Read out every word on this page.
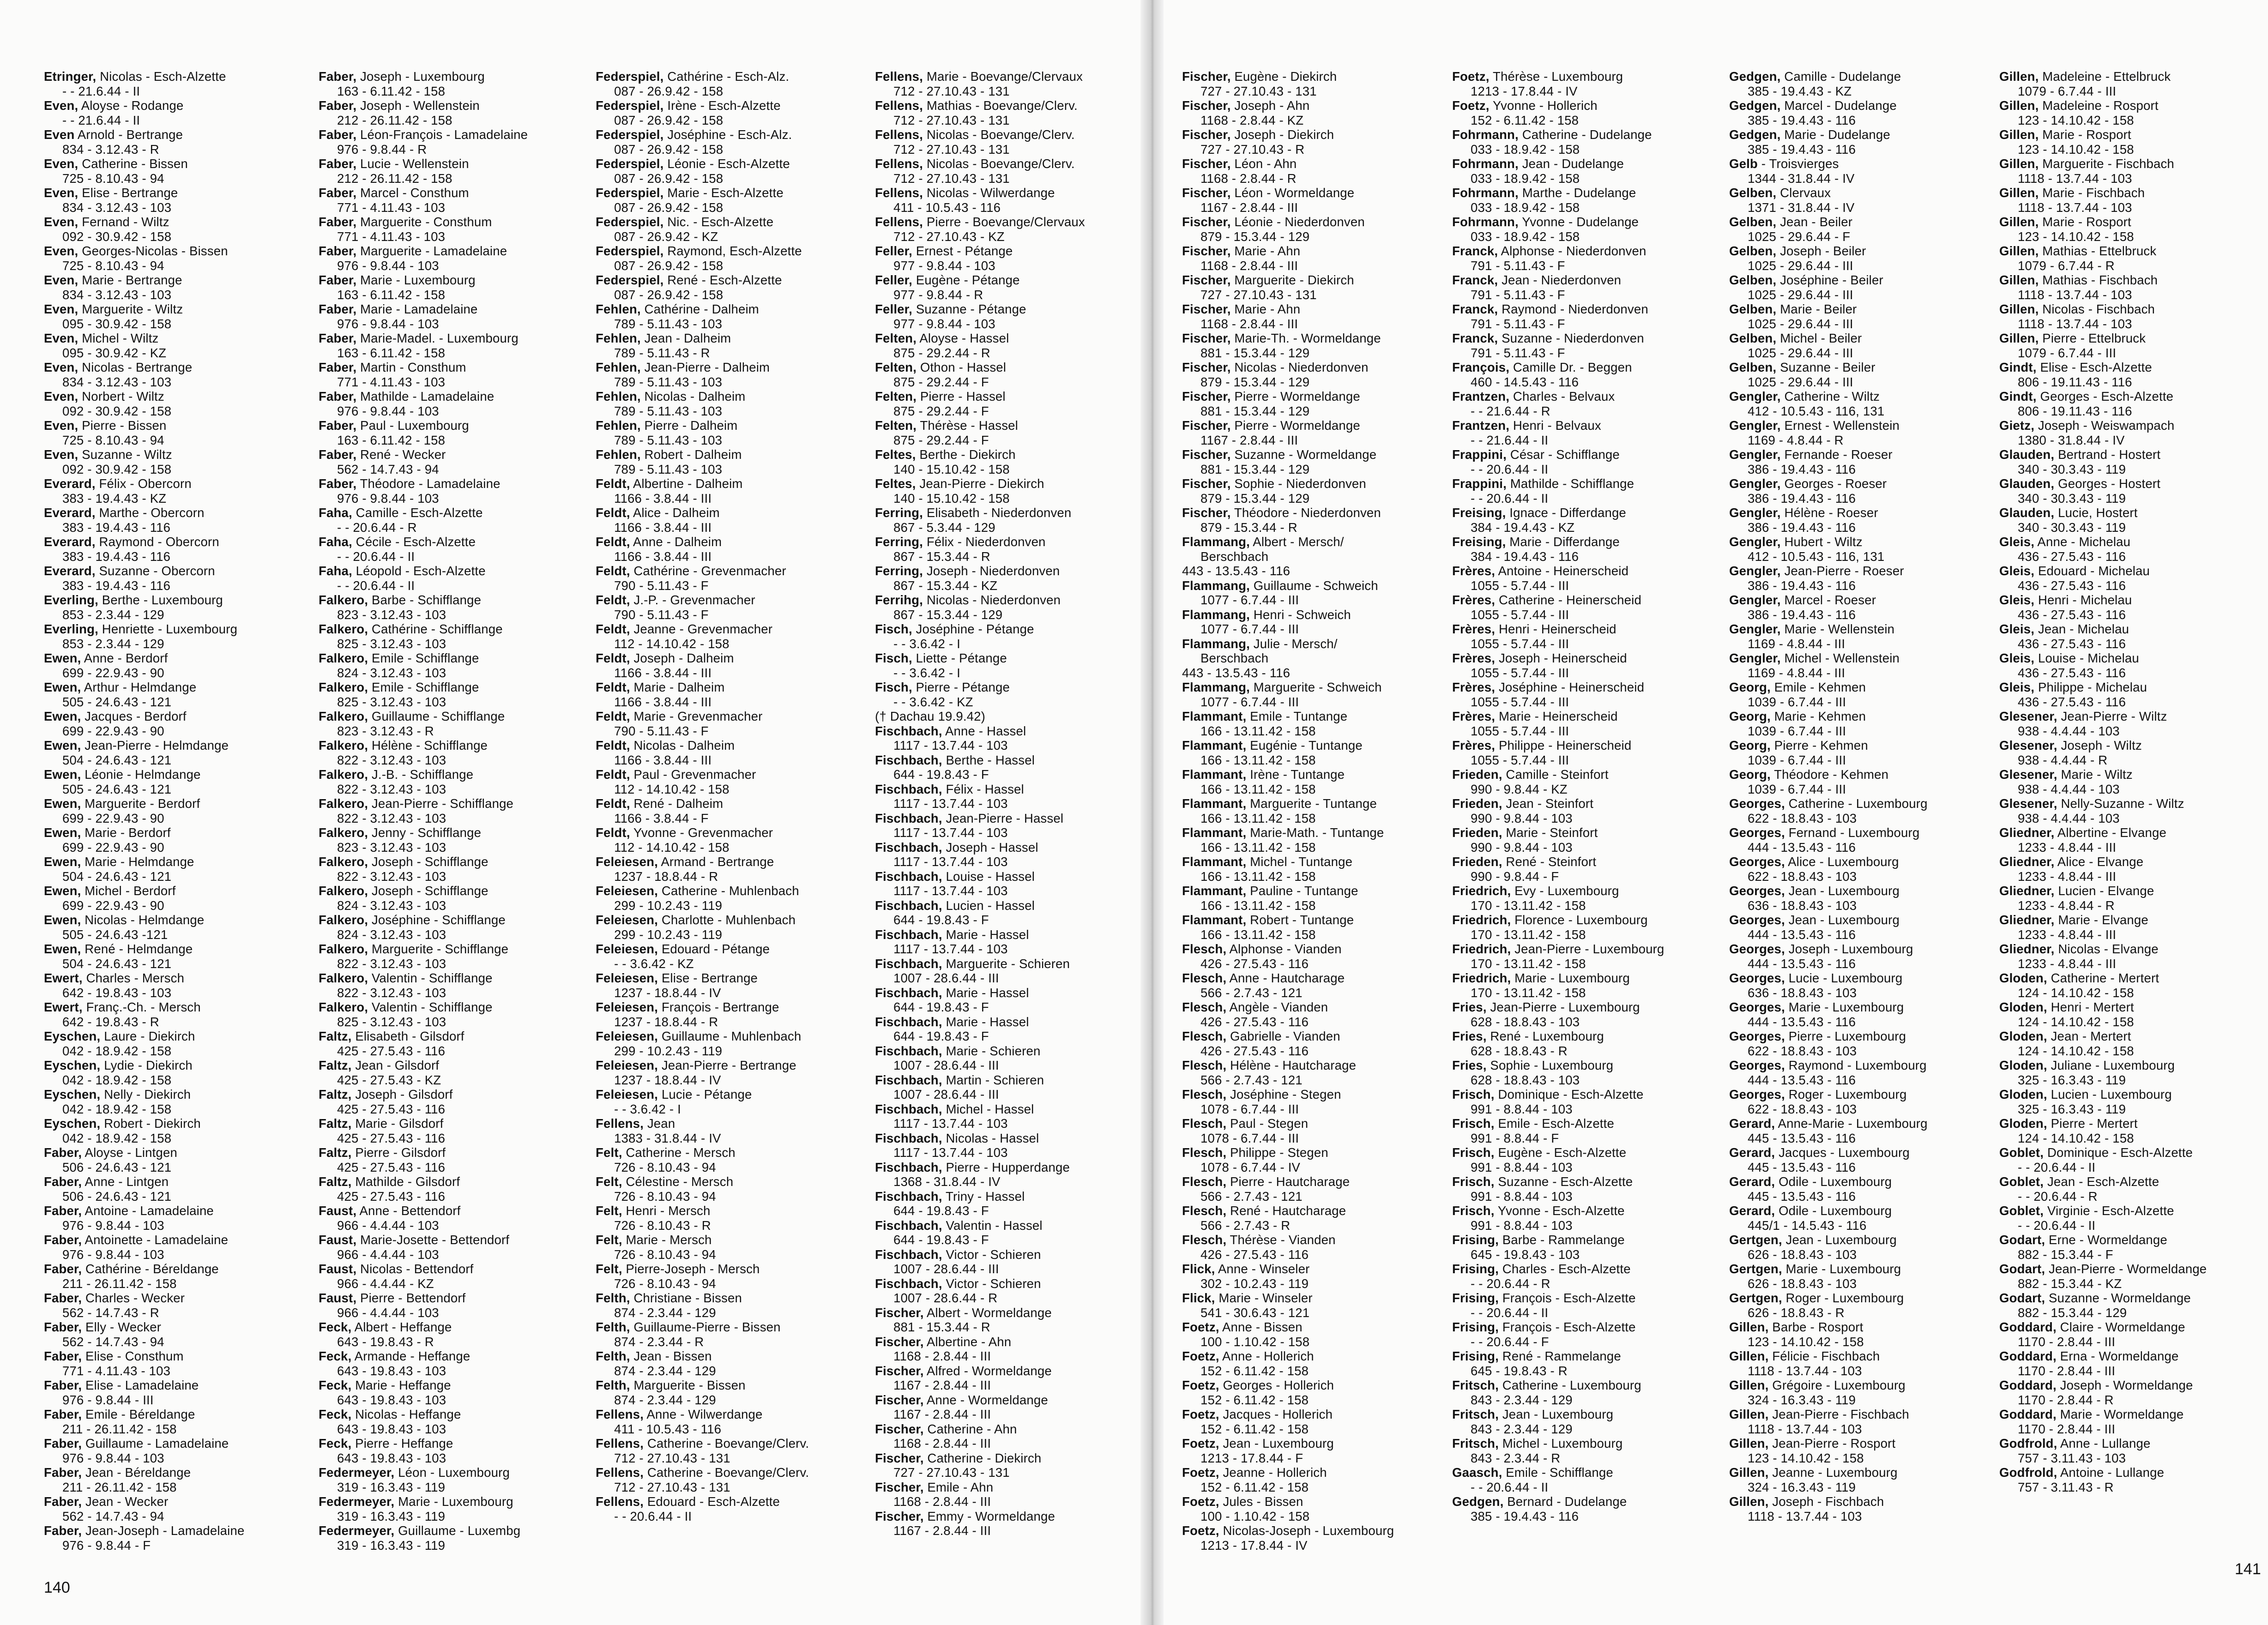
Etringer, Nicolas - Esch-Alzette
- - 21.6.44 - II
Even, Aloyse - Rodange
- - 21.6.44 - II
Even Arnold - Bertrange
834 - 3.12.43 - R
Even, Catherine - Bissen
725 - 8.10.43 - 94
Even, Elise - Bertrange
834 - 3.12.43 - 103
Even, Fernand - Wiltz
092 - 30.9.42 - 158
Even, Georges-Nicolas - Bissen
725 - 8.10.43 - 94
Even, Marie - Bertrange
834 - 3.12.43 - 103
Even, Marguerite - Wiltz
095 - 30.9.42 - 158
Even, Michel - Wiltz
095 - 30.9.42 - KZ
Even, Nicolas - Bertrange
834 - 3.12.43 - 103
Even, Norbert - Wiltz
092 - 30.9.42 - 158
Even, Pierre - Bissen
725 - 8.10.43 - 94
Even, Suzanne - Wiltz
092 - 30.9.42 - 158
Everard, Félix - Obercorn
383 - 19.4.43 - KZ
Everard, Marthe - Obercorn
383 - 19.4.43 - 116
Everard, Raymond - Obercorn
383 - 19.4.43 - 116
Everard, Suzanne - Obercorn
383 - 19.4.43 - 116
Everling, Berthe - Luxembourg
853 - 2.3.44 - 129
Everling, Henriette - Luxembourg
853 - 2.3.44 - 129
Ewen, Anne - Berdorf
699 - 22.9.43 - 90
Ewen, Arthur - Helmdange
505 - 24.6.43 - 121
Ewen, Jacques - Berdorf
699 - 22.9.43 - 90
Ewen, Jean-Pierre - Helmdange
504 - 24.6.43 - 121
Ewen, Léonie - Helmdange
505 - 24.6.43 - 121
Ewen, Marguerite - Berdorf
699 - 22.9.43 - 90
Ewen, Marie - Berdorf
699 - 22.9.43 - 90
Ewen, Marie - Helmdange
504 - 24.6.43 - 121
Ewen, Michel - Berdorf
699 - 22.9.43 - 90
Ewen, Nicolas - Helmdange
505 - 24.6.43 -121
Ewen, René - Helmdange
504 - 24.6.43 - 121
Ewert, Charles - Mersch
642 - 19.8.43 - 103
Ewert, Franç.-Ch. - Mersch
642 - 19.8.43 - R
Eyschen, Laure - Diekirch
042 - 18.9.42 - 158
Eyschen, Lydie - Diekirch
042 - 18.9.42 - 158
Eyschen, Nelly - Diekirch
042 - 18.9.42 - 158
Eyschen, Robert - Diekirch
042 - 18.9.42 - 158
Faber, Aloyse - Lintgen
506 - 24.6.43 - 121
Faber, Anne - Lintgen
506 - 24.6.43 - 121
Faber, Antoine - Lamadelaine
976 - 9.8.44 - 103
Faber, Antoinette - Lamadelaine
976 - 9.8.44 - 103
Faber, Cathérine - Béreldange
211 - 26.11.42 - 158
Faber, Charles - Wecker
562 - 14.7.43 - R
Faber, Elly - Wecker
562 - 14.7.43 - 94
Faber, Elise - Consthum
771 - 4.11.43 - 103
Faber, Elise - Lamadelaine
976 - 9.8.44 - III
Faber, Emile - Béreldange
211 - 26.11.42 - 158
Faber, Guillaume - Lamadelaine
976 - 9.8.44 - 103
Faber, Jean - Béreldange
211 - 26.11.42 - 158
Faber, Jean - Wecker
562 - 14.7.43 - 94
Faber, Jean-Joseph - Lamadelaine
976 - 9.8.44 - F
Faber, Joseph - Luxembourg
163 - 6.11.42 - 158
Faber, Joseph - Wellenstein
212 - 26.11.42 - 158
Faber, Léon-François - Lamadelaine
976 - 9.8.44 - R
Faber, Lucie - Wellenstein
212 - 26.11.42 - 158
Faber, Marcel - Consthum
771 - 4.11.43 - 103
Faber, Marguerite - Consthum
771 - 4.11.43 - 103
Faber, Marguerite - Lamadelaine
976 - 9.8.44 - 103
Faber, Marie - Luxembourg
163 - 6.11.42 - 158
Faber, Marie - Lamadelaine
976 - 9.8.44 - 103
Faber, Marie-Madel. - Luxembourg
163 - 6.11.42 - 158
Faber, Martin - Consthum
771 - 4.11.43 - 103
Faber, Mathilde - Lamadelaine
976 - 9.8.44 - 103
Faber, Paul - Luxembourg
163 - 6.11.42 - 158
Faber, René - Wecker
562 - 14.7.43 - 94
Faber, Théodore - Lamadelaine
976 - 9.8.44 - 103
Faha, Camille - Esch-Alzette
- - 20.6.44 - R
Faha, Cécile - Esch-Alzette
- - 20.6.44 - II
Faha, Léopold - Esch-Alzette
- - 20.6.44 - II
Falkero, Barbe - Schifflange
823 - 3.12.43 - 103
Falkero, Cathérine - Schifflange
825 - 3.12.43 - 103
Falkero, Emile - Schifflange
824 - 3.12.43 - 103
Falkero, Emile - Schifflange
825 - 3.12.43 - 103
Falkero, Guillaume - Schifflange
823 - 3.12.43 - R
Falkero, Hélène - Schifflange
822 - 3.12.43 - 103
Falkero, J.-B. - Schifflange
822 - 3.12.43 - 103
Falkero, Jean-Pierre - Schifflange
822 - 3.12.43 - 103
Falkero, Jenny - Schifflange
823 - 3.12.43 - 103
Falkero, Joseph - Schifflange
822 - 3.12.43 - 103
Falkero, Joseph - Schifflange
824 - 3.12.43 - 103
Falkero, Joséphine - Schifflange
824 - 3.12.43 - 103
Falkero, Marguerite - Schifflange
822 - 3.12.43 - 103
Falkero, Valentin - Schifflange
822 - 3.12.43 - 103
Falkero, Valentin - Schifflange
825 - 3.12.43 - 103
Faltz, Elisabeth - Gilsdorf
425 - 27.5.43 - 116
Faltz, Jean - Gilsdorf
425 - 27.5.43 - KZ
Faltz, Joseph - Gilsdorf
425 - 27.5.43 - 116
Faltz, Marie - Gilsdorf
425 - 27.5.43 - 116
Faltz, Pierre - Gilsdorf
425 - 27.5.43 - 116
Faltz, Mathilde - Gilsdorf
425 - 27.5.43 - 116
Faust, Anne - Bettendorf
966 - 4.4.44 - 103
Faust, Marie-Josette - Bettendorf
966 - 4.4.44 - 103
Faust, Nicolas - Bettendorf
966 - 4.4.44 - KZ
Faust, Pierre - Bettendorf
966 - 4.4.44 - 103
Feck, Albert - Heffange
643 - 19.8.43 - R
Feck, Armande - Heffange
643 - 19.8.43 - 103
Feck, Marie - Heffange
643 - 19.8.43 - 103
Feck, Nicolas - Heffange
643 - 19.8.43 - 103
Feck, Pierre - Heffange
643 - 19.8.43 - 103
Federmeyer, Léon - Luxembourg
319 - 16.3.43 - 119
Federmeyer, Marie - Luxembourg
319 - 16.3.43 - 119
Federmeyer, Guillaume - Luxembg
319 - 16.3.43 - 119
Federspiel, Cathérine - Esch-Alz.
087 - 26.9.42 - 158
Federspiel, Irène - Esch-Alzette
087 - 26.9.42 - 158
Federspiel, Joséphine - Esch-Alz.
087 - 26.9.42 - 158
Federspiel, Léonie - Esch-Alzette
087 - 26.9.42 - 158
Federspiel, Marie - Esch-Alzette
087 - 26.9.42 - 158
Federspiel, Nic. - Esch-Alzette
087 - 26.9.42 - KZ
Federspiel, Raymond, Esch-Alzette
087 - 26.9.42 - 158
Federspiel, René - Esch-Alzette
087 - 26.9.42 - 158
Fehlen, Cathérine - Dalheim
789 - 5.11.43 - 103
Fehlen, Jean - Dalheim
789 - 5.11.43 - R
Fehlen, Jean-Pierre - Dalheim
789 - 5.11.43 - 103
Fehlen, Nicolas - Dalheim
789 - 5.11.43 - 103
Fehlen, Pierre - Dalheim
789 - 5.11.43 - 103
Fehlen, Robert - Dalheim
789 - 5.11.43 - 103
Feldt, Albertine - Dalheim
1166 - 3.8.44 - III
Feldt, Alice - Dalheim
1166 - 3.8.44 - III
Feldt, Anne - Dalheim
1166 - 3.8.44 - III
Feldt, Cathérine - Grevenmacher
790 - 5.11.43 - F
Feldt, J.-P. - Grevenmacher
790 - 5.11.43 - F
Feldt, Jeanne - Grevenmacher
112 - 14.10.42 - 158
Feldt, Joseph - Dalheim
1166 - 3.8.44 - III
Feldt, Marie - Dalheim
1166 - 3.8.44 - III
Feldt, Marie - Grevenmacher
790 - 5.11.43 - F
Feldt, Nicolas - Dalheim
1166 - 3.8.44 - III
Feldt, Paul - Grevenmacher
112 - 14.10.42 - 158
Feldt, René - Dalheim
1166 - 3.8.44 - F
Feldt, Yvonne - Grevenmacher
112 - 14.10.42 - 158
Feleiesen, Armand - Bertrange
1237 - 18.8.44 - R
Feleiesen, Catherine - Muhlenbach
299 - 10.2.43 - 119
Feleiesen, Charlotte - Muhlenbach
299 - 10.2.43 - 119
Feleiesen, Edouard - Pétange
- - 3.6.42 - KZ
Feleiesen, Elise - Bertrange
1237 - 18.8.44 - IV
Feleiesen, François - Bertrange
1237 - 18.8.44 - R
Feleiesen, Guillaume - Muhlenbach
299 - 10.2.43 - 119
Feleiesen, Jean-Pierre - Bertrange
1237 - 18.8.44 - IV
Feleiesen, Lucie - Pétange
- - 3.6.42 - I
Fellens, Jean
1383 - 31.8.44 - IV
Felt, Catherine - Mersch
726 - 8.10.43 - 94
Felt, Célestine - Mersch
726 - 8.10.43 - 94
Felt, Henri - Mersch
726 - 8.10.43 - R
Felt, Marie - Mersch
726 - 8.10.43 - 94
Felt, Pierre-Joseph - Mersch
726 - 8.10.43 - 94
Felth, Christiane - Bissen
874 - 2.3.44 - 129
Felth, Guillaume-Pierre - Bissen
874 - 2.3.44 - R
Felth, Jean - Bissen
874 - 2.3.44 - 129
Felth, Marguerite - Bissen
874 - 2.3.44 - 129
Fellens, Anne - Wilwerdange
411 - 10.5.43 - 116
Fellens, Catherine - Boevange/Clerv.
712 - 27.10.43 - 131
Fellens, Catherine - Boevange/Clerv.
712 - 27.10.43 - 131
Fellens, Edouard - Esch-Alzette
- - 20.6.44 - II
Fellens, Marie - Boevange/Clervaux
712 - 27.10.43 - 131
Fellens, Mathias - Boevange/Clerv.
712 - 27.10.43 - 131
Fellens, Nicolas - Boevange/Clerv.
712 - 27.10.43 - 131
Fellens, Nicolas - Boevange/Clerv.
712 - 27.10.43 - 131
Fellens, Nicolas - Wilwerdange
411 - 10.5.43 - 116
Fellens, Pierre - Boevange/Clervaux
712 - 27.10.43 - KZ
Feller, Ernest - Pétange
977 - 9.8.44 - 103
Feller, Eugène - Pétange
977 - 9.8.44 - R
Feller, Suzanne - Pétange
977 - 9.8.44 - 103
Felten, Aloyse - Hassel
875 - 29.2.44 - R
Felten, Othon - Hassel
875 - 29.2.44 - F
Felten, Pierre - Hassel
875 - 29.2.44 - F
Felten, Thérèse - Hassel
875 - 29.2.44 - F
Feltes, Berthe - Diekirch
140 - 15.10.42 - 158
Feltes, Jean-Pierre - Diekirch
140 - 15.10.42 - 158
Ferring, Elisabeth - Niederdonven
867 - 5.3.44 - 129
Ferring, Félix - Niederdonven
867 - 15.3.44 - R
Ferring, Joseph - Niederdonven
867 - 15.3.44 - KZ
Ferrihg, Nicolas - Niederdonven
867 - 15.3.44 - 129
Fisch, Joséphine - Pétange
- - 3.6.42 - I
Fisch, Liette - Pétange
- - 3.6.42 - I
Fisch, Pierre - Pétange
- - 3.6.42 - KZ
(† Dachau 19.9.42)
Fischbach, Anne - Hassel
1117 - 13.7.44 - 103
Fischbach, Berthe - Hassel
644 - 19.8.43 - F
Fischbach, Félix - Hassel
1117 - 13.7.44 - 103
Fischbach, Jean-Pierre - Hassel
1117 - 13.7.44 - 103
Fischbach, Joseph - Hassel
1117 - 13.7.44 - 103
Fischbach, Louise - Hassel
1117 - 13.7.44 - 103
Fischbach, Lucien - Hassel
644 - 19.8.43 - F
Fischbach, Marie - Hassel
1117 - 13.7.44 - 103
Fischbach, Marguerite - Schieren
1007 - 28.6.44 - III
Fischbach, Marie - Hassel
644 - 19.8.43 - F
Fischbach, Marie - Hassel
644 - 19.8.43 - F
Fischbach, Marie - Schieren
1007 - 28.6.44 - III
Fischbach, Martin - Schieren
1007 - 28.6.44 - III
Fischbach, Michel - Hassel
1117 - 13.7.44 - 103
Fischbach, Nicolas - Hassel
1117 - 13.7.44 - 103
Fischbach, Pierre - Hupperdange
1368 - 31.8.44 - IV
Fischbach, Triny - Hassel
644 - 19.8.43 - F
Fischbach, Valentin - Hassel
644 - 19.8.43 - F
Fischbach, Victor - Schieren
1007 - 28.6.44 - III
Fischbach, Victor - Schieren
1007 - 28.6.44 - R
Fischer, Albert - Wormeldange
881 - 15.3.44 - R
Fischer, Albertine - Ahn
1168 - 2.8.44 - III
Fischer, Alfred - Wormeldange
1167 - 2.8.44 - III
Fischer, Anne - Wormeldange
1167 - 2.8.44 - III
Fischer, Catherine - Ahn
1168 - 2.8.44 - III
Fischer, Catherine - Diekirch
727 - 27.10.43 - 131
Fischer, Emile - Ahn
1168 - 2.8.44 - III
Fischer, Emmy - Wormeldange
1167 - 2.8.44 - III
140
Fischer, Eugène - Diekirch
727 - 27.10.43 - 131
Fischer, Joseph - Ahn
1168 - 2.8.44 - KZ
Fischer, Joseph - Diekirch
727 - 27.10.43 - R
Fischer, Léon - Ahn
1168 - 2.8.44 - R
Fischer, Léon - Wormeldange
1167 - 2.8.44 - III
Fischer, Léonie - Niederdonven
879 - 15.3.44 - 129
Fischer, Marie - Ahn
1168 - 2.8.44 - III
Fischer, Marguerite - Diekirch
727 - 27.10.43 - 131
Fischer, Marie - Ahn
1168 - 2.8.44 - III
Fischer, Marie-Th. - Wormeldange
881 - 15.3.44 - 129
Fischer, Nicolas - Niederdonven
879 - 15.3.44 - 129
Fischer, Pierre - Wormeldange
881 - 15.3.44 - 129
Fischer, Pierre - Wormeldange
1167 - 2.8.44 - III
Fischer, Suzanne - Wormeldange
881 - 15.3.44 - 129
Fischer, Sophie - Niederdonven
879 - 15.3.44 - 129
Fischer, Théodore - Niederdonven
879 - 15.3.44 - R
Flammang, Albert - Mersch/
Berschbach
443 - 13.5.43 - 116
Flammang, Guillaume - Schweich
1077 - 6.7.44 - III
Flammang, Henri - Schweich
1077 - 6.7.44 - III
Flammang, Julie - Mersch/
Berschbach
443 - 13.5.43 - 116
Flammang, Marguerite - Schweich
1077 - 6.7.44 - III
Flammant, Emile - Tuntange
166 - 13.11.42 - 158
Flammant, Eugénie - Tuntange
166 - 13.11.42 - 158
Flammant, Irène - Tuntange
166 - 13.11.42 - 158
Flammant, Marguerite - Tuntange
166 - 13.11.42 - 158
Flammant, Marie-Math. - Tuntange
166 - 13.11.42 - 158
Flammant, Michel - Tuntange
166 - 13.11.42 - 158
Flammant, Pauline - Tuntange
166 - 13.11.42 - 158
Flammant, Robert - Tuntange
166 - 13.11.42 - 158
Flesch, Alphonse - Vianden
426 - 27.5.43 - 116
Flesch, Anne - Hautcharage
566 - 2.7.43 - 121
Flesch, Angèle - Vianden
426 - 27.5.43 - 116
Flesch, Gabrielle - Vianden
426 - 27.5.43 - 116
Flesch, Hélène - Hautcharage
566 - 2.7.43 - 121
Flesch, Joséphine - Stegen
1078 - 6.7.44 - III
Flesch, Paul - Stegen
1078 - 6.7.44 - III
Flesch, Philippe - Stegen
1078 - 6.7.44 - IV
Flesch, Pierre - Hautcharage
566 - 2.7.43 - 121
Flesch, René - Hautcharage
566 - 2.7.43 - R
Flesch, Thérèse - Vianden
426 - 27.5.43 - 116
Flick, Anne - Winseler
302 - 10.2.43 - 119
Flick, Marie - Winseler
541 - 30.6.43 - 121
Foetz, Anne - Bissen
100 - 1.10.42 - 158
Foetz, Anne - Hollerich
152 - 6.11.42 - 158
Foetz, Georges - Hollerich
152 - 6.11.42 - 158
Foetz, Jacques - Hollerich
152 - 6.11.42 - 158
Foetz, Jean - Luxembourg
1213 - 17.8.44 - F
Foetz, Jeanne - Hollerich
152 - 6.11.42 - 158
Foetz, Jules - Bissen
100 - 1.10.42 - 158
Foetz, Nicolas-Joseph - Luxembourg
1213 - 17.8.44 - IV
Foetz, Thérèse - Luxembourg
1213 - 17.8.44 - IV
Foetz, Yvonne - Hollerich
152 - 6.11.42 - 158
Fohrmann, Catherine - Dudelange
033 - 18.9.42 - 158
Fohrmann, Jean - Dudelange
033 - 18.9.42 - 158
Fohrmann, Marthe - Dudelange
033 - 18.9.42 - 158
Fohrmann, Yvonne - Dudelange
033 - 18.9.42 - 158
Franck, Alphonse - Niederdonven
791 - 5.11.43 - F
Franck, Jean - Niederdonven
791 - 5.11.43 - F
Franck, Raymond - Niederdonven
791 - 5.11.43 - F
Franck, Suzanne - Niederdonven
791 - 5.11.43 - F
François, Camille Dr. - Beggen
460 - 14.5.43 - 116
Frantzen, Charles - Belvaux
- - 21.6.44 - R
Frantzen, Henri - Belvaux
- - 21.6.44 - II
Frappini, César - Schifflange
- - 20.6.44 - II
Frappini, Mathilde - Schifflange
- - 20.6.44 - II
Freising, Ignace - Differdange
384 - 19.4.43 - KZ
Freising, Marie - Differdange
384 - 19.4.43 - 116
Frères, Antoine - Heinerscheid
1055 - 5.7.44 - III
Frères, Catherine - Heinerscheid
1055 - 5.7.44 - III
Frères, Henri - Heinerscheid
1055 - 5.7.44 - III
Frères, Joseph - Heinerscheid
1055 - 5.7.44 - III
Frères, Joséphine - Heinerscheid
1055 - 5.7.44 - III
Frères, Marie - Heinerscheid
1055 - 5.7.44 - III
Frères, Philippe - Heinerscheid
1055 - 5.7.44 - III
Frieden, Camille - Steinfort
990 - 9.8.44 - KZ
Frieden, Jean - Steinfort
990 - 9.8.44 - 103
Frieden, Marie - Steinfort
990 - 9.8.44 - 103
Frieden, René - Steinfort
990 - 9.8.44 - F
Friedrich, Evy - Luxembourg
170 - 13.11.42 - 158
Friedrich, Florence - Luxembourg
170 - 13.11.42 - 158
Friedrich, Jean-Pierre - Luxembourg
170 - 13.11.42 - 158
Friedrich, Marie - Luxembourg
170 - 13.11.42 - 158
Fries, Jean-Pierre - Luxembourg
628 - 18.8.43 - 103
Fries, René - Luxembourg
628 - 18.8.43 - R
Fries, Sophie - Luxembourg
628 - 18.8.43 - 103
Frisch, Dominique - Esch-Alzette
991 - 8.8.44 - 103
Frisch, Emile - Esch-Alzette
991 - 8.8.44 - F
Frisch, Eugène - Esch-Alzette
991 - 8.8.44 - 103
Frisch, Suzanne - Esch-Alzette
991 - 8.8.44 - 103
Frisch, Yvonne - Esch-Alzette
991 - 8.8.44 - 103
Frising, Barbe - Rammelange
645 - 19.8.43 - 103
Frising, Charles - Esch-Alzette
- - 20.6.44 - R
Frising, François - Esch-Alzette
- - 20.6.44 - II
Frising, François - Esch-Alzette
- - 20.6.44 - F
Frising, René - Rammelange
645 - 19.8.43 - R
Fritsch, Catherine - Luxembourg
843 - 2.3.44 - 129
Fritsch, Jean - Luxembourg
843 - 2.3.44 - 129
Fritsch, Michel - Luxembourg
843 - 2.3.44 - R
Gaasch, Emile - Schifflange
- - 20.6.44 - II
Gedgen, Bernard - Dudelange
385 - 19.4.43 - 116
Gedgen, Camille - Dudelange
385 - 19.4.43 - KZ
Gedgen, Marcel - Dudelange
385 - 19.4.43 - 116
Gedgen, Marie - Dudelange
385 - 19.4.43 - 116
Gelb - Troisvierges
1344 - 31.8.44 - IV
Gelben, Clervaux
1371 - 31.8.44 - IV
Gelben, Jean - Beiler
1025 - 29.6.44 - F
Gelben, Joseph - Beiler
1025 - 29.6.44 - III
Gelben, Joséphine - Beiler
1025 - 29.6.44 - III
Gelben, Marie - Beiler
1025 - 29.6.44 - III
Gelben, Michel - Beiler
1025 - 29.6.44 - III
Gelben, Suzanne - Beiler
1025 - 29.6.44 - III
Gengler, Catherine - Wiltz
412 - 10.5.43 - 116, 131
Gengler, Ernest - Wellenstein
1169 - 4.8.44 - R
Gengler, Fernande - Roeser
386 - 19.4.43 - 116
Gengler, Georges - Roeser
386 - 19.4.43 - 116
Gengler, Hélène - Roeser
386 - 19.4.43 - 116
Gengler, Hubert - Wiltz
412 - 10.5.43 - 116, 131
Gengler, Jean-Pierre - Roeser
386 - 19.4.43 - 116
Gengler, Marcel - Roeser
386 - 19.4.43 - 116
Gengler, Marie - Wellenstein
1169 - 4.8.44 - III
Gengler, Michel - Wellenstein
1169 - 4.8.44 - III
Georg, Emile - Kehmen
1039 - 6.7.44 - III
Georg, Marie - Kehmen
1039 - 6.7.44 - III
Georg, Pierre - Kehmen
1039 - 6.7.44 - III
Georg, Théodore - Kehmen
1039 - 6.7.44 - III
Georges, Catherine - Luxembourg
622 - 18.8.43 - 103
Georges, Fernand - Luxembourg
444 - 13.5.43 - 116
Georges, Alice - Luxembourg
622 - 18.8.43 - 103
Georges, Jean - Luxembourg
636 - 18.8.43 - 103
Georges, Jean - Luxembourg
444 - 13.5.43 - 116
Georges, Joseph - Luxembourg
444 - 13.5.43 - 116
Georges, Lucie - Luxembourg
636 - 18.8.43 - 103
Georges, Marie - Luxembourg
444 - 13.5.43 - 116
Georges, Pierre - Luxembourg
622 - 18.8.43 - 103
Georges, Raymond - Luxembourg
444 - 13.5.43 - 116
Georges, Roger - Luxembourg
622 - 18.8.43 - 103
Gerard, Anne-Marie - Luxembourg
445 - 13.5.43 - 116
Gerard, Jacques - Luxembourg
445 - 13.5.43 - 116
Gerard, Odile - Luxembourg
445 - 13.5.43 - 116
Gerard, Odile - Luxembourg
445/1 - 14.5.43 - 116
Gertgen, Jean - Luxembourg
626 - 18.8.43 - 103
Gertgen, Marie - Luxembourg
626 - 18.8.43 - 103
Gertgen, Roger - Luxembourg
626 - 18.8.43 - R
Gillen, Barbe - Rosport
123 - 14.10.42 - 158
Gillen, Félicie - Fischbach
1118 - 13.7.44 - 103
Gillen, Grégoire - Luxembourg
324 - 16.3.43 - 119
Gillen, Jean-Pierre - Fischbach
1118 - 13.7.44 - 103
Gillen, Jean-Pierre - Rosport
123 - 14.10.42 - 158
Gillen, Jeanne - Luxembourg
324 - 16.3.43 - 119
Gillen, Joseph - Fischbach
1118 - 13.7.44 - 103
Gillen, Madeleine - Ettelbruck
1079 - 6.7.44 - III
Gillen, Madeleine - Rosport
123 - 14.10.42 - 158
Gillen, Marie - Rosport
123 - 14.10.42 - 158
Gillen, Marguerite - Fischbach
1118 - 13.7.44 - 103
Gillen, Marie - Fischbach
1118 - 13.7.44 - 103
Gillen, Marie - Rosport
123 - 14.10.42 - 158
Gillen, Mathias - Ettelbruck
1079 - 6.7.44 - R
Gillen, Mathias - Fischbach
1118 - 13.7.44 - 103
Gillen, Nicolas - Fischbach
1118 - 13.7.44 - 103
Gillen, Pierre - Ettelbruck
1079 - 6.7.44 - III
Gindt, Elise - Esch-Alzette
806 - 19.11.43 - 116
Gindt, Georges - Esch-Alzette
806 - 19.11.43 - 116
Gietz, Joseph - Weiswampach
1380 - 31.8.44 - IV
Glauden, Bertrand - Hostert
340 - 30.3.43 - 119
Glauden, Georges - Hostert
340 - 30.3.43 - 119
Glauden, Lucie, Hostert
340 - 30.3.43 - 119
Gleis, Anne - Michelau
436 - 27.5.43 - 116
Gleis, Edouard - Michelau
436 - 27.5.43 - 116
Gleis, Henri - Michelau
436 - 27.5.43 - 116
Gleis, Jean - Michelau
436 - 27.5.43 - 116
Gleis, Louise - Michelau
436 - 27.5.43 - 116
Gleis, Philippe - Michelau
436 - 27.5.43 - 116
Glesener, Jean-Pierre - Wiltz
938 - 4.4.44 - 103
Glesener, Joseph - Wiltz
938 - 4.4.44 - R
Glesener, Marie - Wiltz
938 - 4.4.44 - 103
Glesener, Nelly-Suzanne - Wiltz
938 - 4.4.44 - 103
Gliedner, Albertine - Elvange
1233 - 4.8.44 - III
Gliedner, Alice - Elvange
1233 - 4.8.44 - III
Gliedner, Lucien - Elvange
1233 - 4.8.44 - R
Gliedner, Marie - Elvange
1233 - 4.8.44 - III
Gliedner, Nicolas - Elvange
1233 - 4.8.44 - III
Gloden, Catherine - Mertert
124 - 14.10.42 - 158
Gloden, Henri - Mertert
124 - 14.10.42 - 158
Gloden, Jean - Mertert
124 - 14.10.42 - 158
Gloden, Juliane - Luxembourg
325 - 16.3.43 - 119
Gloden, Lucien - Luxembourg
325 - 16.3.43 - 119
Gloden, Pierre - Mertert
124 - 14.10.42 - 158
Goblet, Dominique - Esch-Alzette
- - 20.6.44 - II
Goblet, Jean - Esch-Alzette
- - 20.6.44 - R
Goblet, Virginie - Esch-Alzette
- - 20.6.44 - II
Godart, Erne - Wormeldange
882 - 15.3.44 - F
Godart, Jean-Pierre - Wormeldange
882 - 15.3.44 - KZ
Godart, Suzanne - Wormeldange
882 - 15.3.44 - 129
Goddard, Claire - Wormeldange
1170 - 2.8.44 - III
Goddard, Erna - Wormeldange
1170 - 2.8.44 - III
Goddard, Joseph - Wormeldange
1170 - 2.8.44 - R
Goddard, Marie - Wormeldange
1170 - 2.8.44 - III
Godfrold, Anne - Lullange
757 - 3.11.43 - 103
Godfrold, Antoine - Lullange
757 - 3.11.43 - R
141
